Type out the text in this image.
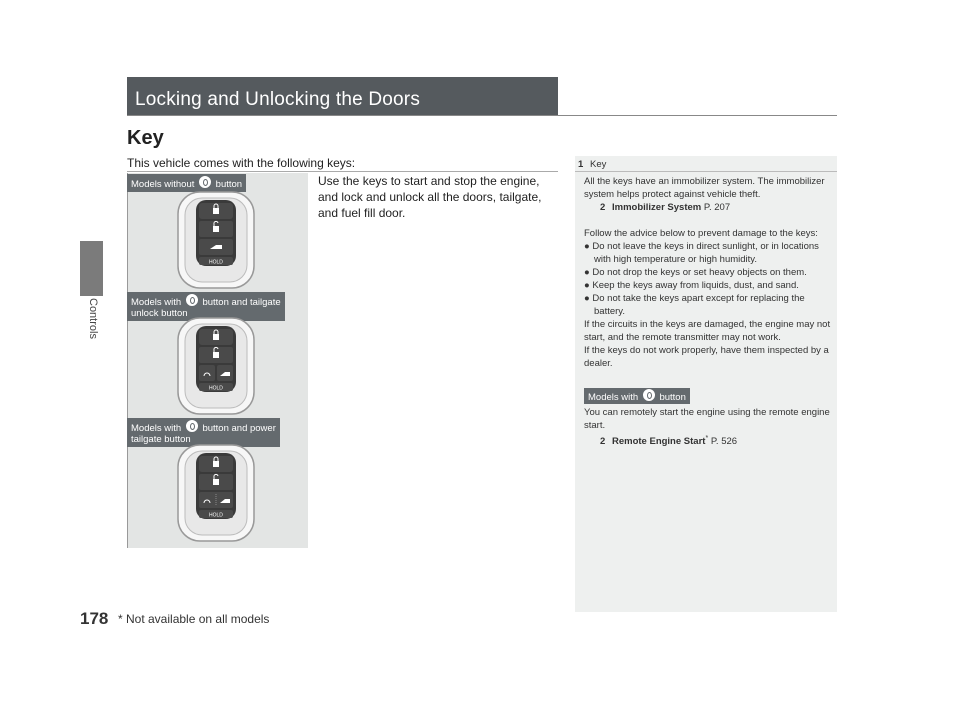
Controls
178 * Not available on all models
Locking and Unlocking the Doors
Key
This vehicle comes with the following keys:
Use the keys to start and stop the engine, and lock and unlock all the doors, tailgate, and fuel fill door.
Models without button
Models with button and tailgate
unlock button
Models with button and power
tailgate button
HOLD
HOLD
HOLD
1 Key

All the keys have an immobilizer system. The immobilizer system helps protect against vehicle theft.

2 Immobilizer System P. 207

Follow the advice below to prevent damage to the keys:

● Do not leave the keys in direct sunlight, or in locations with high temperature or high humidity.
● Do not drop the keys or set heavy objects on them.
● Keep the keys away from liquids, dust, and sand.
● Do not take the keys apart except for replacing the battery.

If the circuits in the keys are damaged, the engine may not start, and the remote transmitter may not work.

If the keys do not work properly, have them inspected by a dealer.

Models with button

You can remotely start the engine using the remote engine start.

2 Remote Engine Start* P. 526
